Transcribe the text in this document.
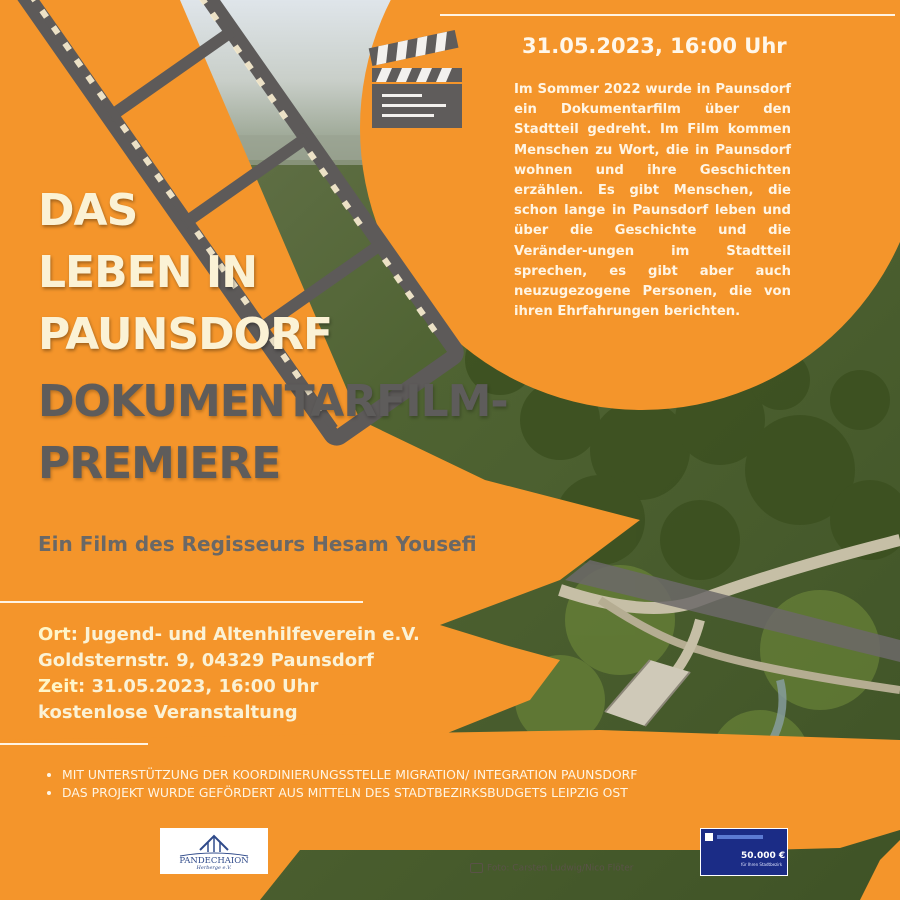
31.05.2023, 16:00 Uhr
Im Sommer 2022 wurde in Paunsdorf ein Dokumentarfilm über den Stadtteil gedreht. Im Film kommen Menschen zu Wort, die in Paunsdorf wohnen und ihre Geschichten erzählen. Es gibt Menschen, die schon lange in Paunsdorf leben und über die Geschichte und die Veränder-ungen im Stadtteil sprechen, es gibt aber auch neuzugezogene Personen, die von ihren Ehrfahrungen berichten.
DAS
LEBEN IN
PAUNSDORF
DOKUMENTARFILM-
PREMIERE
Ein Film des Regisseurs Hesam Yousefi
Ort: Jugend- und Altenhilfeverein e.V.
Goldsternstr. 9, 04329 Paunsdorf
Zeit: 31.05.2023, 16:00 Uhr
kostenlose Veranstaltung
• MIT UNTERSTÜTZUNG DER KOORDINIERUNGSSTELLE MIGRATION/ INTEGRATION PAUNSDORF
• DAS PROJEKT WURDE GEFÖRDERT AUS MITTELN DES STADTBEZIRKSBUDGETS LEIPZIG OST
PANDECHAION
Herberge e.V.	Foto: Carsten Ludwig/Nico Flöter
50.000 €
für Ihren Stadtbezirk
